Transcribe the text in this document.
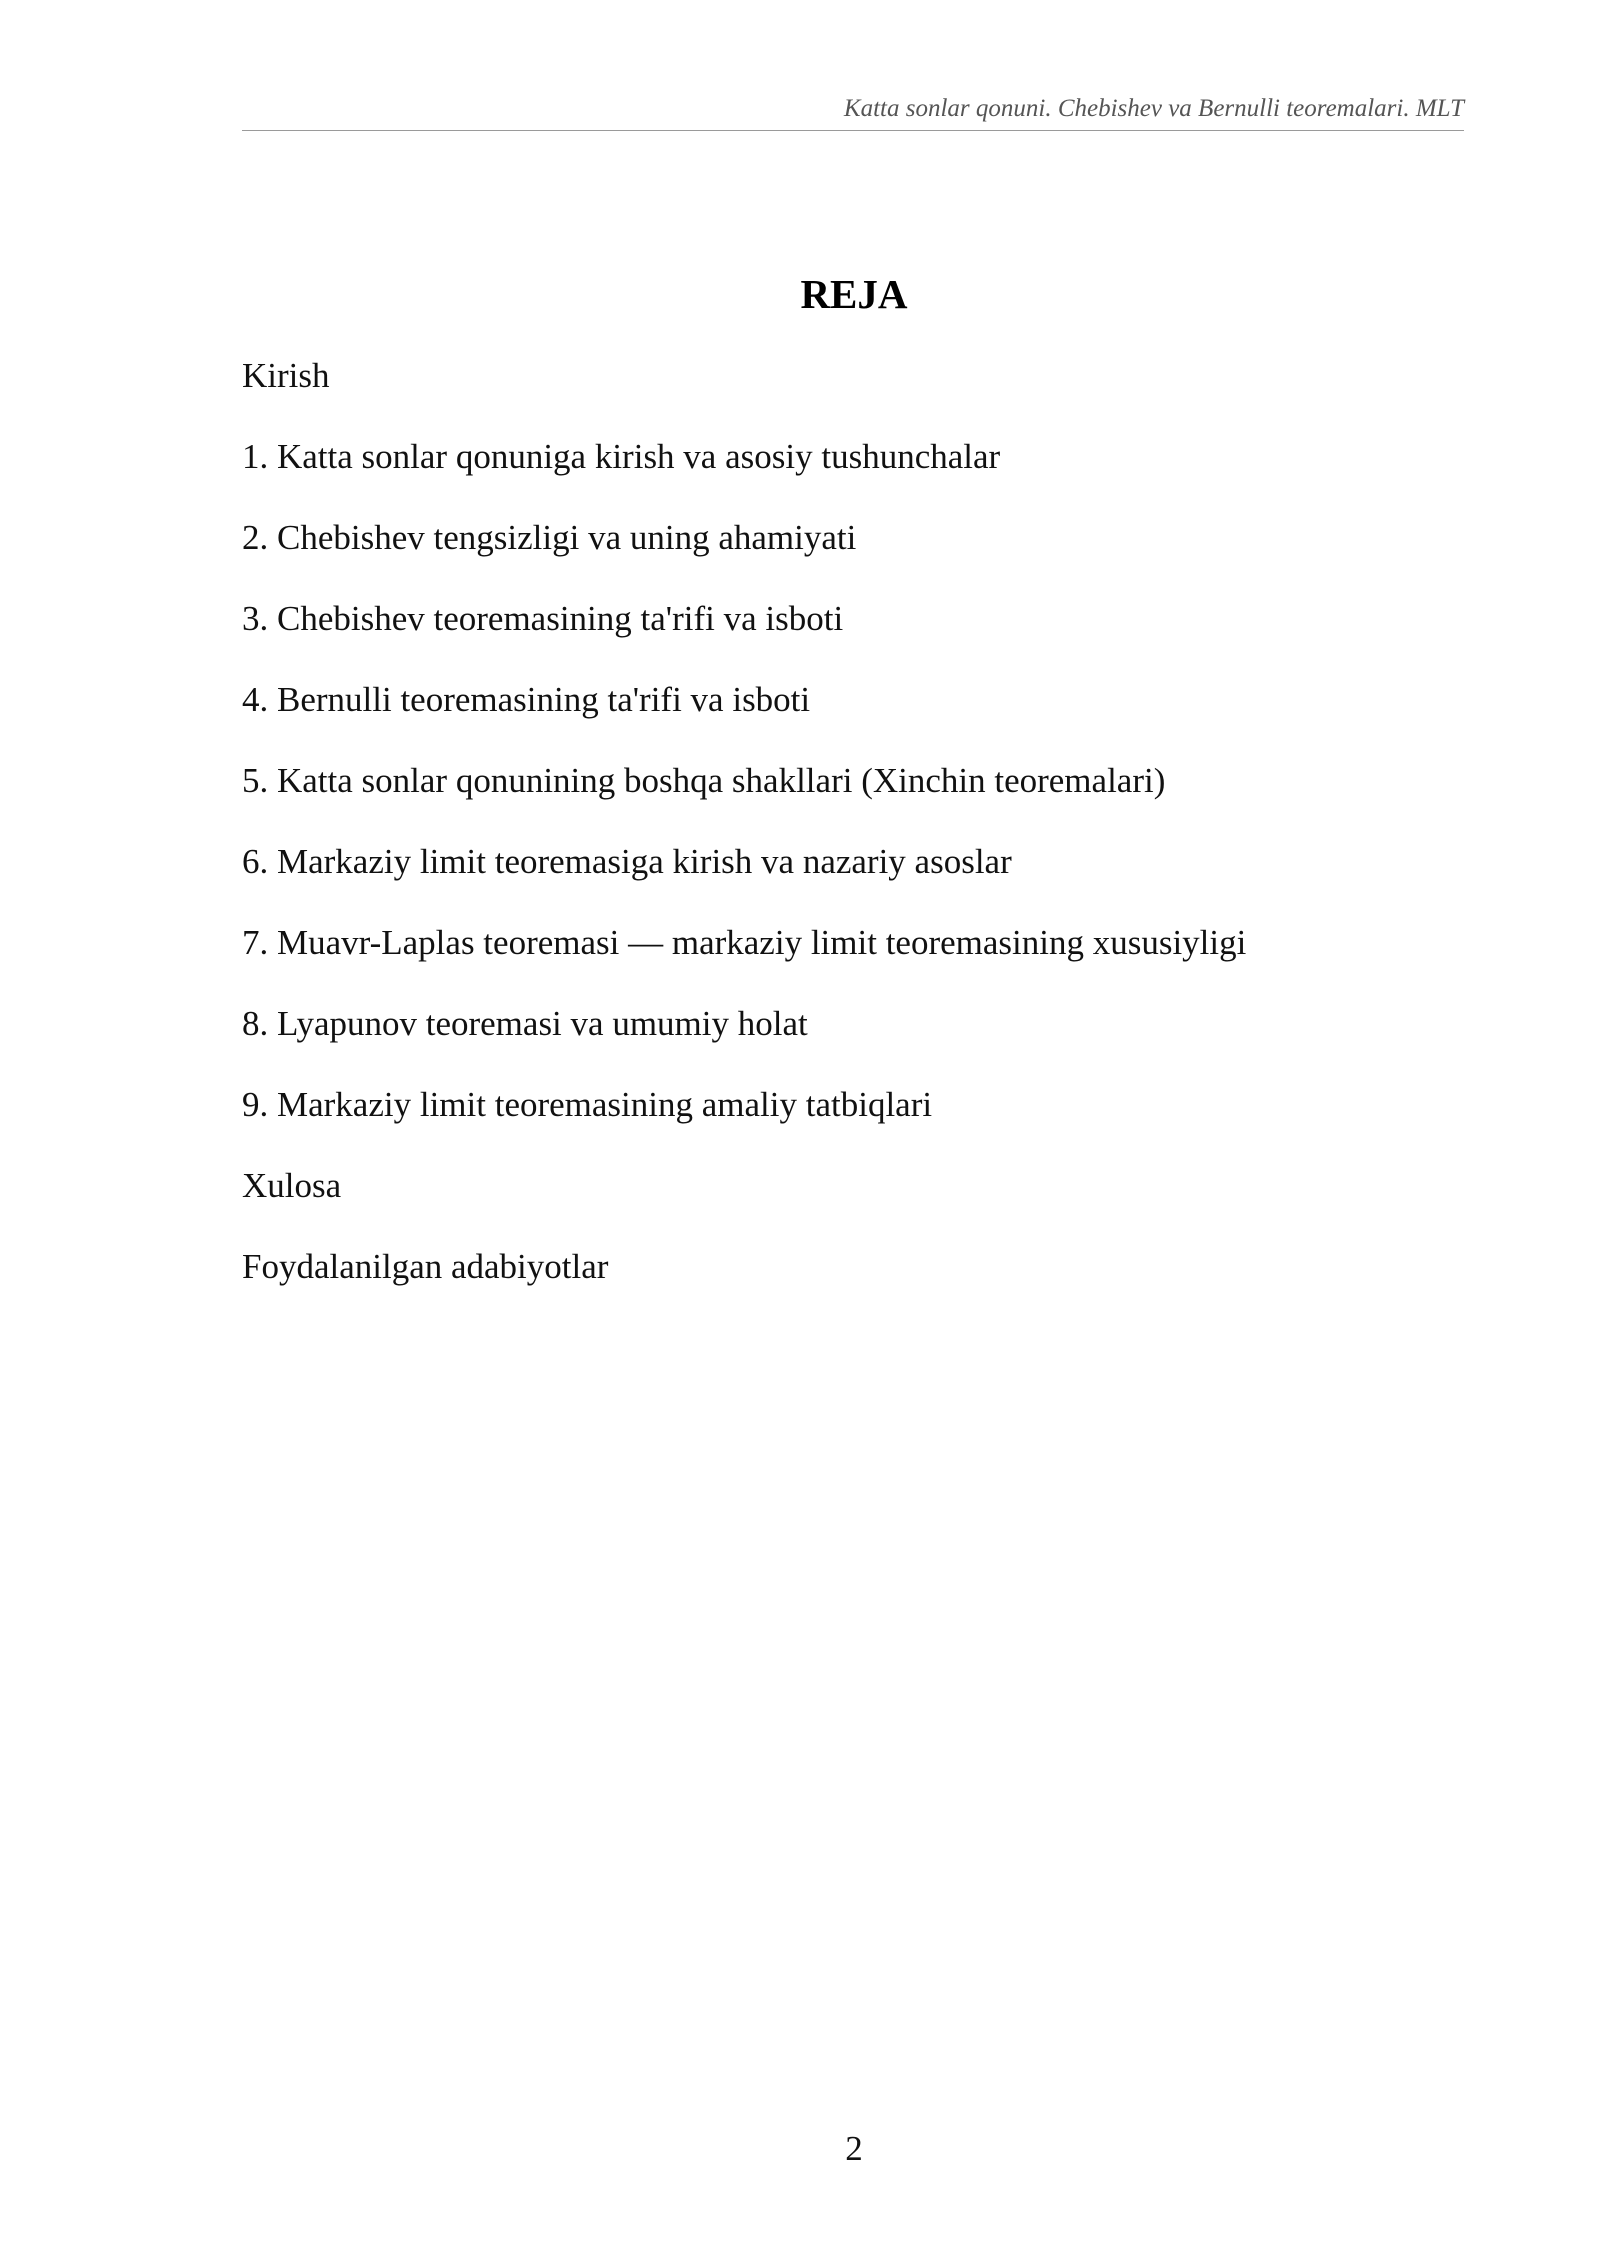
Katta sonlar qonuni. Chebishev va Bernulli teoremalari. MLT
REJA
Kirish
1. Katta sonlar qonuniga kirish va asosiy tushunchalar
2. Chebishev tengsizligi va uning ahamiyati
3. Chebishev teoremasining ta'rifi va isboti
4. Bernulli teoremasining ta'rifi va isboti
5. Katta sonlar qonunining boshqa shakllari (Xinchin teoremalari)
6. Markaziy limit teoremasiga kirish va nazariy asoslar
7. Muavr-Laplas teoremasi — markaziy limit teoremasining xususiyligi
8. Lyapunov teoremasi va umumiy holat
9. Markaziy limit teoremasining amaliy tatbiqlari
Xulosa
Foydalanilgan adabiyotlar
2
